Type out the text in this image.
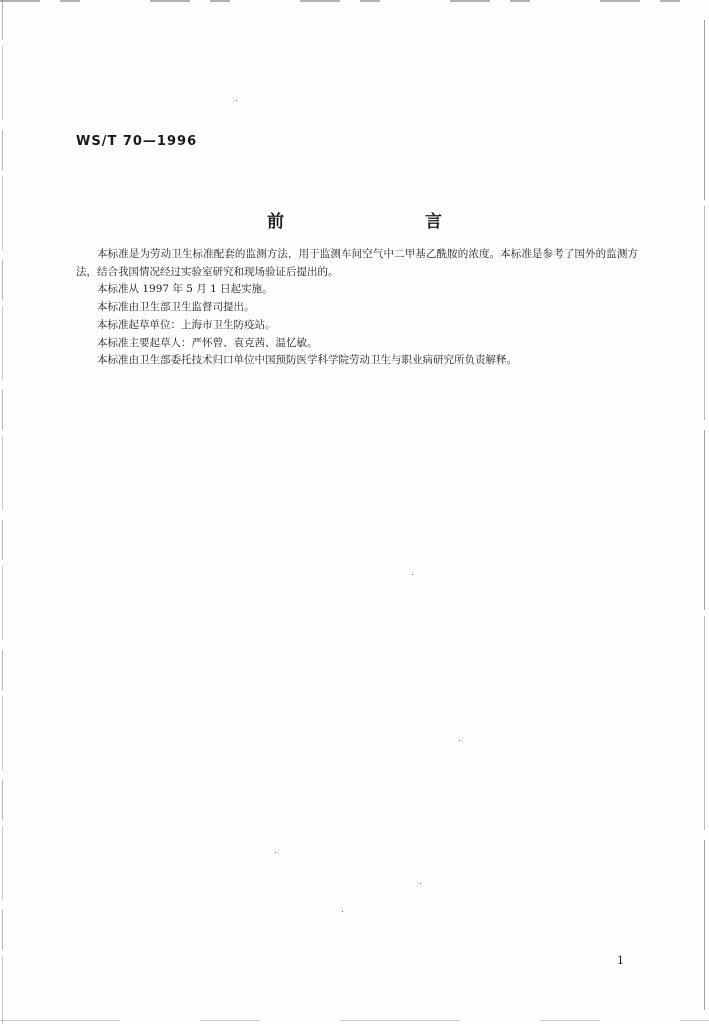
WS/T 70—1996
前　言

本标准是为劳动卫生标准配套的监测方法，用于监测车间空气中二甲基乙酰胺的浓度。本标准是参考了国外的监测方法，结合我国情况经过实验室研究和现场验证后提出的。

本标准从 1997 年 5 月 1 日起实施。

本标准由卫生部卫生监督司提出。

本标准起草单位：上海市卫生防疫站。

本标准主要起草人：严怀曾、袁克茜、温忆敏。

本标准由卫生部委托技术归口单位中国预防医学科学院劳动卫生与职业病研究所负责解释。

1
